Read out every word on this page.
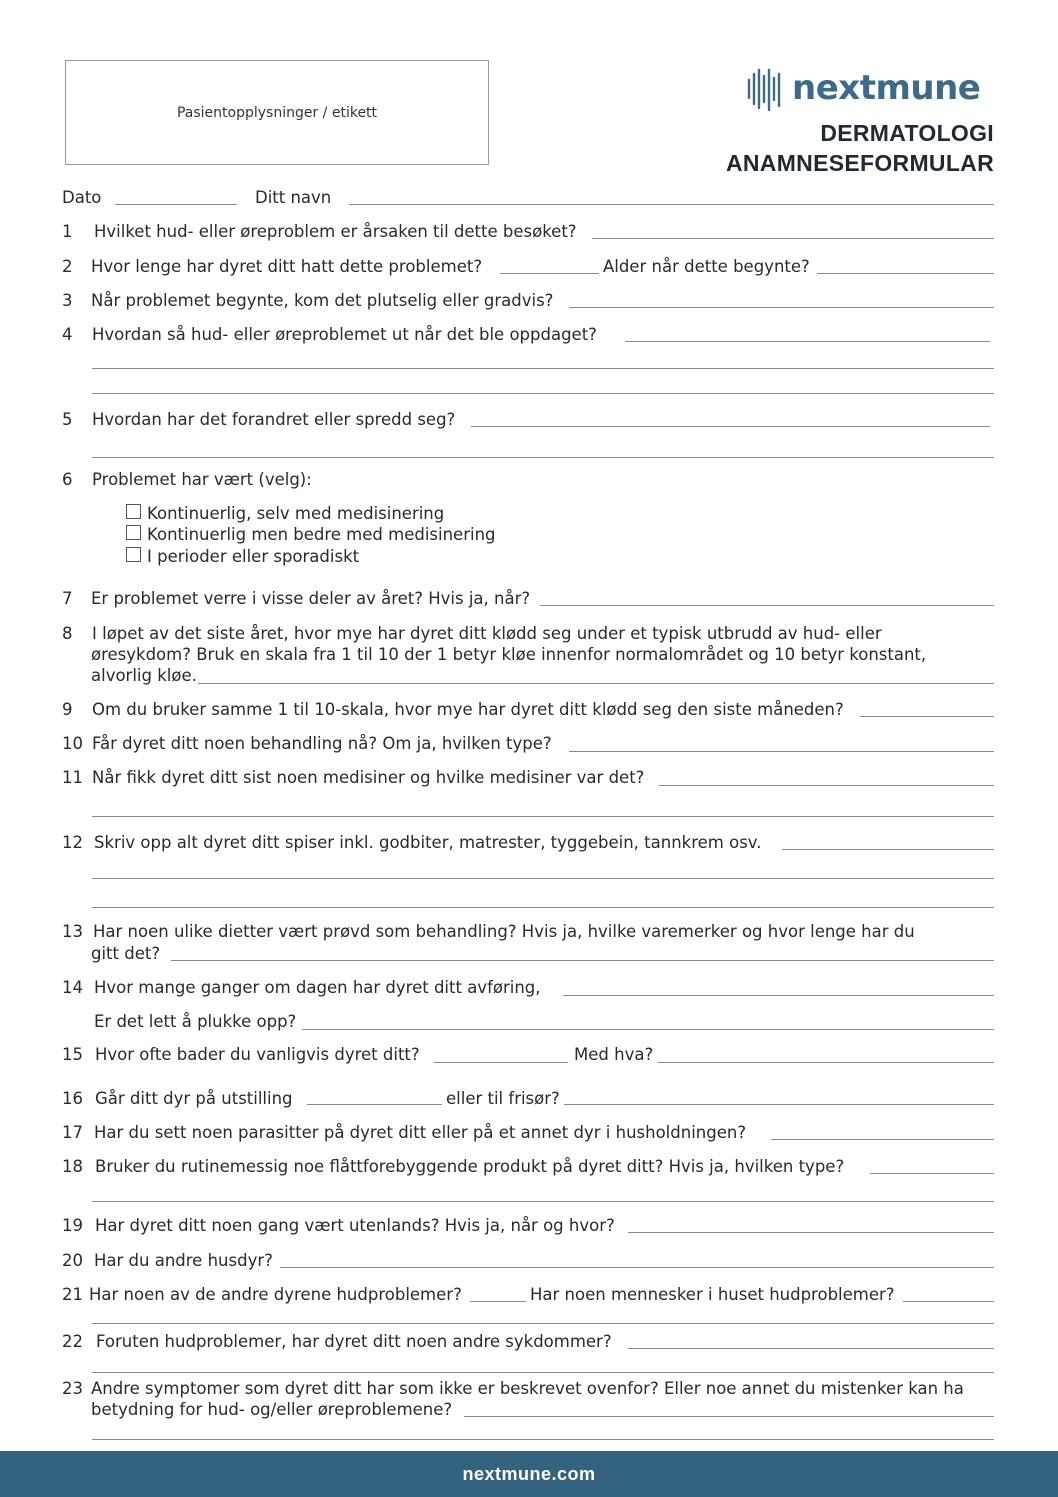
Pasientopplysninger / etikett
nextmune
DERMATOLOGI
ANAMNESEFORMULAR
Dato	Ditt navn
1 Hvilket hud- eller øreproblem er årsaken til dette besøket?
2 Hvor lenge har dyret ditt hatt dette problemet?	Alder når dette begynte?
3 Når problemet begynte, kom det plutselig eller gradvis?
4 Hvordan så hud- eller øreproblemet ut når det ble oppdaget?
5 Hvordan har det forandret eller spredd seg?
6 Problemet har vært (velg):
Kontinuerlig, selv med medisinering
Kontinuerlig men bedre med medisinering
I perioder eller sporadiskt
7 Er problemet verre i visse deler av året? Hvis ja, når?
8 I løpet av det siste året, hvor mye har dyret ditt klødd seg under et typisk utbrudd av hud- eller
øresykdom? Bruk en skala fra 1 til 10 der 1 betyr kløe innenfor normalområdet og 10 betyr konstant,
alvorlig kløe.
9 Om du bruker samme 1 til 10-skala, hvor mye har dyret ditt klødd seg den siste måneden?
10 Får dyret ditt noen behandling nå? Om ja, hvilken type?
11 Når fikk dyret ditt sist noen medisiner og hvilke medisiner var det?
12 Skriv opp alt dyret ditt spiser inkl. godbiter, matrester, tyggebein, tannkrem osv.
13 Har noen ulike dietter vært prøvd som behandling? Hvis ja, hvilke varemerker og hvor lenge har du
gitt det?
14 Hvor mange ganger om dagen har dyret ditt avføring,
Er det lett å plukke opp?
15 Hvor ofte bader du vanligvis dyret ditt?	Med hva?
16 Går ditt dyr på utstilling	eller til frisør?
17 Har du sett noen parasitter på dyret ditt eller på et annet dyr i husholdningen?
18 Bruker du rutinemessig noe flåttforebyggende produkt på dyret ditt? Hvis ja, hvilken type?
19 Har dyret ditt noen gang vært utenlands? Hvis ja, når og hvor?
20 Har du andre husdyr?
21 Har noen av de andre dyrene hudproblemer?	Har noen mennesker i huset hudproblemer?
22 Foruten hudproblemer, har dyret ditt noen andre sykdommer?
23 Andre symptomer som dyret ditt har som ikke er beskrevet ovenfor? Eller noe annet du mistenker kan ha
betydning for hud- og/eller øreproblemene?
nextmune.com
